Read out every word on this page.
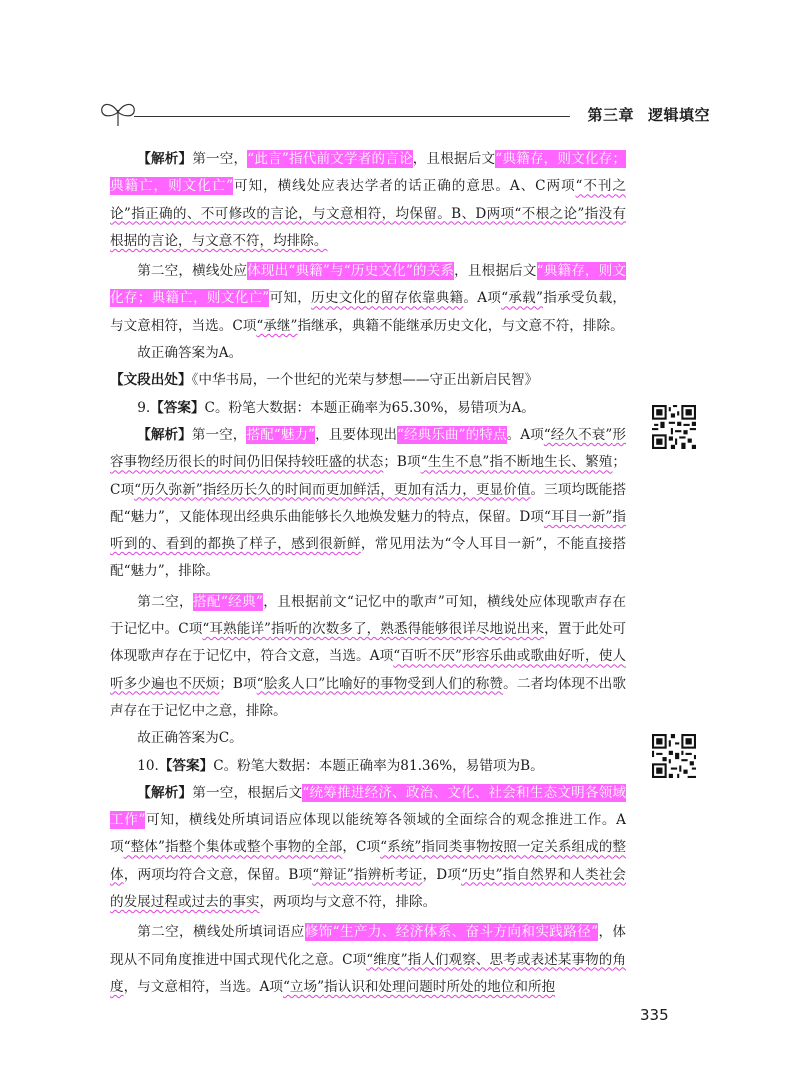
第三章 逻辑填空

【解析】第一空，“此言”指代前文学者的言论，且根据后文“典籍存，则文化存；典籍亡，则文化亡”可知，横线处应表达学者的话正确的意思。A、C两项“不刊之论”指正确的、不可修改的言论，与文意相符，均保留。B、D两项“不根之论”指没有根据的言论，与文意不符，均排除。

第二空，横线处应体现出“典籍”与“历史文化”的关系，且根据后文“典籍存，则文化存；典籍亡，则文化亡”可知，历史文化的留存依靠典籍。A项“承载”指承受负载，与文意相符，当选。C项“承继”指继承，典籍不能继承历史文化，与文意不符，排除。

故正确答案为A。

【文段出处】《中华书局，一个世纪的光荣与梦想——守正出新启民智》

9.【答案】C。粉笔大数据：本题正确率为65.30%，易错项为A。

【解析】第一空，搭配“魅力”，且要体现出“经典乐曲”的特点。A项“经久不衰”形容事物经历很长的时间仍旧保持较旺盛的状态；B项“生生不息”指不断地生长、繁殖；C项“历久弥新”指经历长久的时间而更加鲜活，更加有活力，更显价值。三项均既能搭配“魅力”，又能体现出经典乐曲能够长久地焕发魅力的特点，保留。D项“耳目一新”指听到的、看到的都换了样子，感到很新鲜，常见用法为“令人耳目一新”，不能直接搭配“魅力”，排除。

第二空，搭配“经典”，且根据前文“记忆中的歌声”可知，横线处应体现歌声存在于记忆中。C项“耳熟能详”指听的次数多了，熟悉得能够很详尽地说出来，置于此处可体现歌声存在于记忆中，符合文意，当选。A项“百听不厌”形容乐曲或歌曲好听，使人听多少遍也不厌烦；B项“脍炙人口”比喻好的事物受到人们的称赞。二者均体现不出歌声存在于记忆中之意，排除。

故正确答案为C。

10.【答案】C。粉笔大数据：本题正确率为81.36%，易错项为B。

【解析】第一空，根据后文“统筹推进经济、政治、文化、社会和生态文明各领域工作”可知，横线处所填词语应体现以能统筹各领域的全面综合的观念推进工作。A项“整体”指整个集体或整个事物的全部，C项“系统”指同类事物按照一定关系组成的整体，两项均符合文意，保留。B项“辩证”指辨析考证，D项“历史”指自然界和人类社会的发展过程或过去的事实，两项均与文意不符，排除。

第二空，横线处所填词语应修饰“生产力、经济体系、奋斗方向和实践路径”，体现从不同角度推进中国式现代化之意。C项“维度”指人们观察、思考或表述某事物的角度，与文意相符，当选。A项“立场”指认识和处理问题时所处的地位和所抱

335
